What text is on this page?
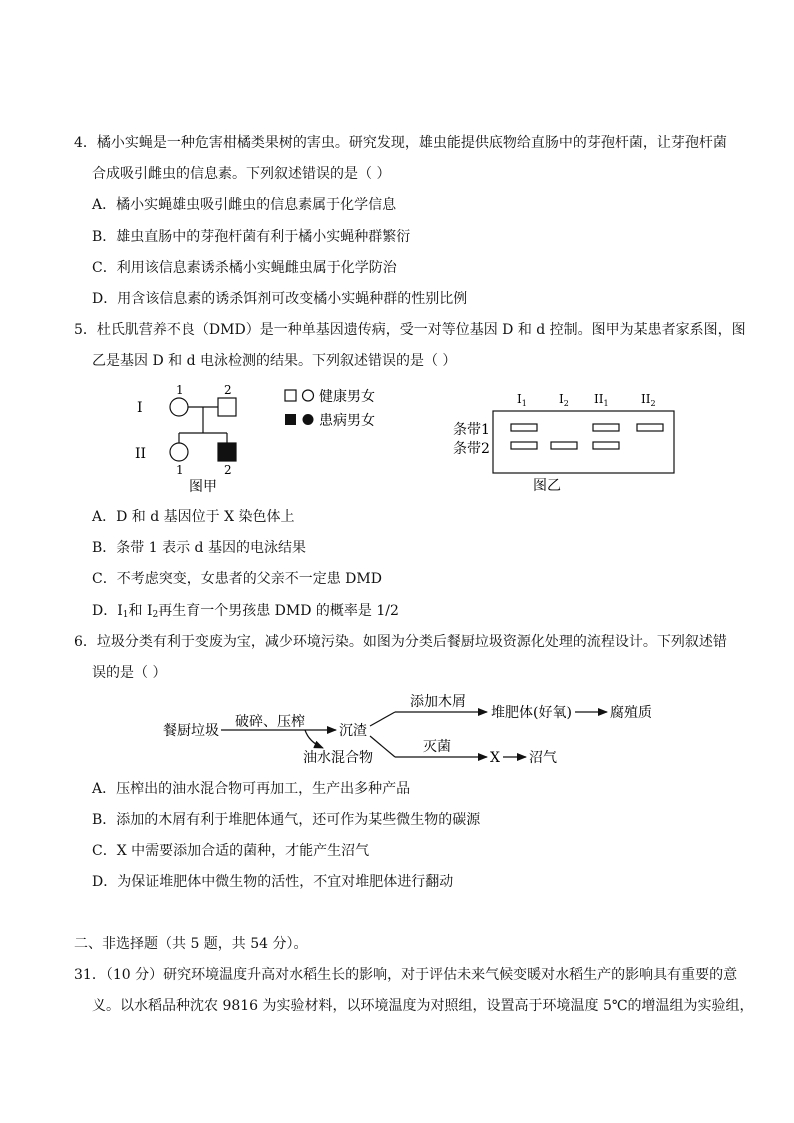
4．橘小实蝇是一种危害柑橘类果树的害虫。研究发现，雄虫能提供底物给直肠中的芽孢杆菌，让芽孢杆菌
合成吸引雌虫的信息素。下列叙述错误的是（ ）
A．橘小实蝇雄虫吸引雌虫的信息素属于化学信息
B．雄虫直肠中的芽孢杆菌有利于橘小实蝇种群繁衍
C．利用该信息素诱杀橘小实蝇雌虫属于化学防治
D．用含该信息素的诱杀饵剂可改变橘小实蝇种群的性别比例
5．杜氏肌营养不良（DMD）是一种单基因遗传病，受一对等位基因 D 和 d 控制。图甲为某患者家系图，图
乙是基因 D 和 d 电泳检测的结果。下列叙述错误的是（ ）
I
II
1	2
1	2
图甲
健康男女
患病男女
$I_1$	$I_2$ $II_1$	$II_2$
条带1
条带2
图乙
A．D 和 d 基因位于 X 染色体上
B．条带 1 表示 d 基因的电泳结果
C．不考虑突变，女患者的父亲不一定患 DMD
D．$I_1$和 $I_2$再生育一个男孩患 DMD 的概率是 1/2
6．垃圾分类有利于变废为宝，减少环境污染。如图为分类后餐厨垃圾资源化处理的流程设计。下列叙述错
误的是（ ）
餐厨垃圾
破碎、压榨
沉渣
油水混合物
添加木屑
堆肥体(好氧)	腐殖质
灭菌
X 沼气
A．压榨出的油水混合物可再加工，生产出多种产品
B．添加的木屑有利于堆肥体通气，还可作为某些微生物的碳源
C．X 中需要添加合适的菌种，才能产生沼气
D．为保证堆肥体中微生物的活性，不宜对堆肥体进行翻动
二、非选择题（共 5 题，共 54 分）。
31．（10 分）研究环境温度升高对水稻生长的影响，对于评估未来气候变暖对水稻生产的影响具有重要的意
义。以水稻品种沈农 9816 为实验材料，以环境温度为对照组，设置高于环境温度 5℃的增温组为实验组，
